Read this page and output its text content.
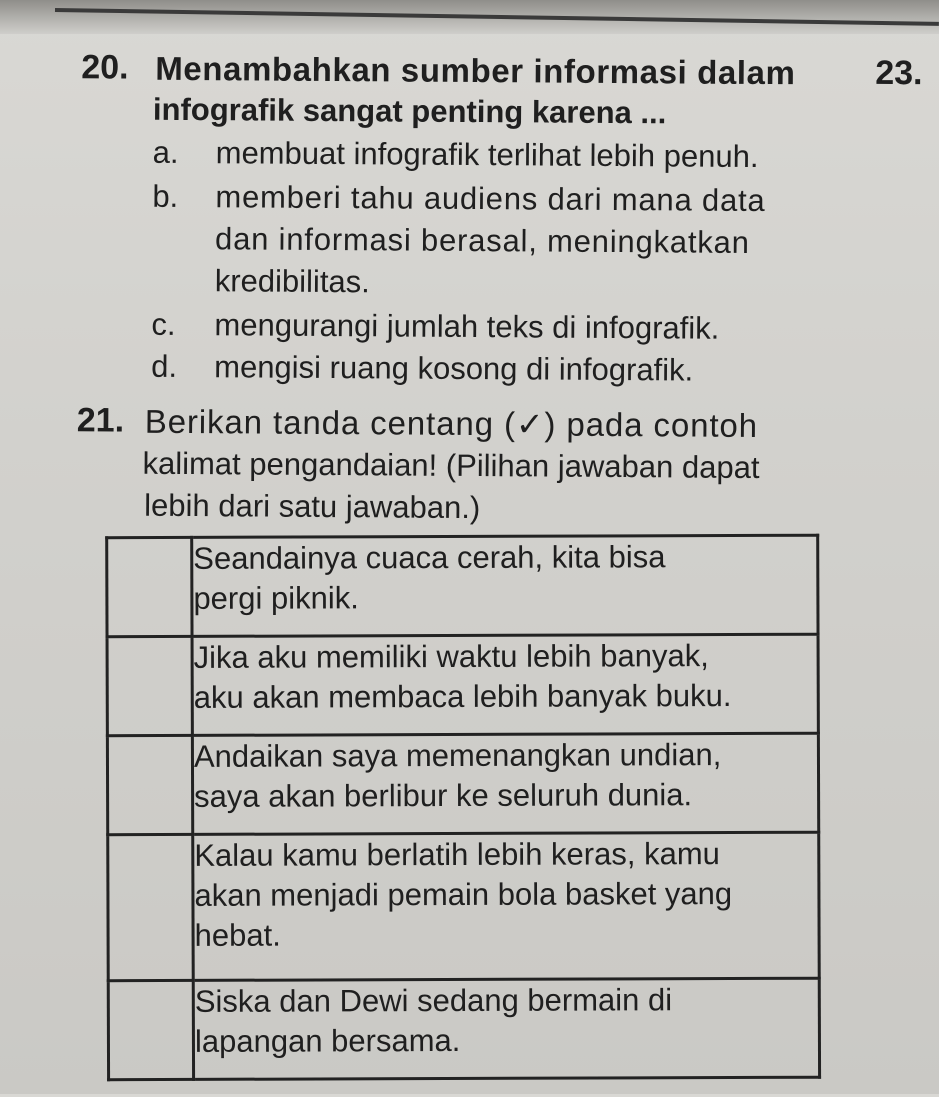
20. Menambahkan sumber informasi dalam
infografik sangat penting karena ...
a. membuat infografik terlihat lebih penuh.
b. memberi tahu audiens dari mana data
dan informasi berasal, meningkatkan
kredibilitas.
c. mengurangi jumlah teks di infografik.
d. mengisi ruang kosong di infografik.
23.
21. Berikan tanda centang (✓) pada contoh
kalimat pengandaian! (Pilihan jawaban dapat
lebih dari satu jawaban.)
	Seandainya cuaca cerah, kita bisa
pergi piknik.
	Jika aku memiliki waktu lebih banyak,
aku akan membaca lebih banyak buku.
	Andaikan saya memenangkan undian,
saya akan berlibur ke seluruh dunia.
	Kalau kamu berlatih lebih keras, kamu
akan menjadi pemain bola basket yang
hebat.
	Siska dan Dewi sedang bermain di
lapangan bersama.
